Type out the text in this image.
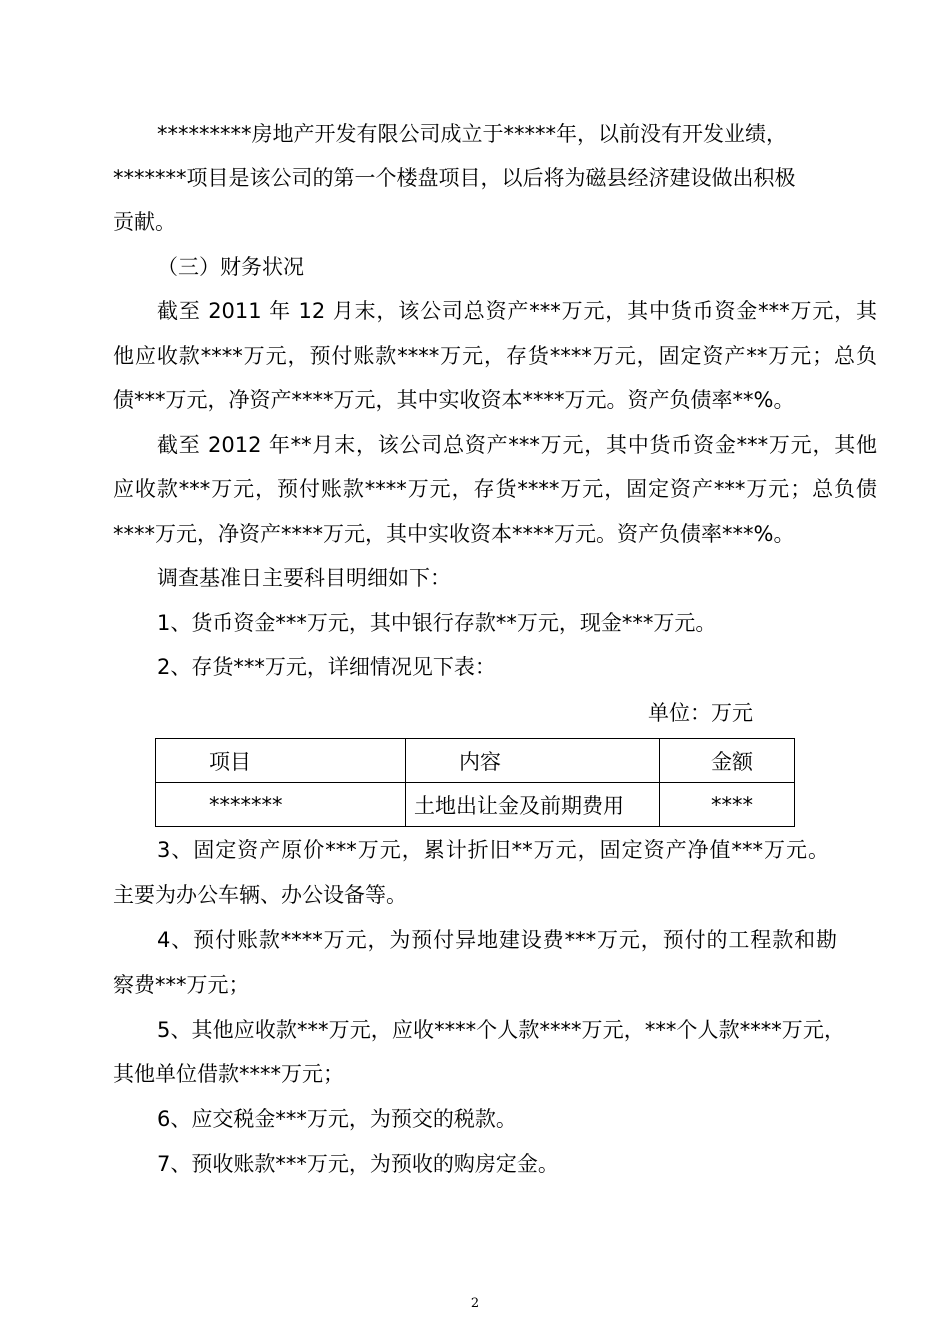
*********房地产开发有限公司成立于*****年，以前没有开发业绩，
*******项目是该公司的第一个楼盘项目，以后将为磁县经济建设做出积极
贡献。
（三）财务状况
截至 2011 年 12 月末，该公司总资产***万元，其中货币资金***万元，其
他应收款****万元，预付账款****万元，存货****万元，固定资产**万元；总负
债***万元，净资产****万元，其中实收资本****万元。资产负债率**%。
截至 2012 年**月末，该公司总资产***万元，其中货币资金***万元，其他
应收款***万元，预付账款****万元，存货****万元，固定资产***万元；总负债
****万元，净资产****万元，其中实收资本****万元。资产负债率***%。
调查基准日主要科目明细如下：
1、货币资金***万元，其中银行存款**万元，现金***万元。
2、存货***万元，详细情况见下表：
单位：万元
项目	内容	金额
*******	土地出让金及前期费用	****
3、固定资产原价***万元，累计折旧**万元，固定资产净值***万元。
主要为办公车辆、办公设备等。
4、预付账款****万元，为预付异地建设费***万元，预付的工程款和勘
察费***万元；
5、其他应收款***万元，应收****个人款****万元，***个人款****万元，
其他单位借款****万元；
6、应交税金***万元，为预交的税款。
7、预收账款***万元，为预收的购房定金。
2
